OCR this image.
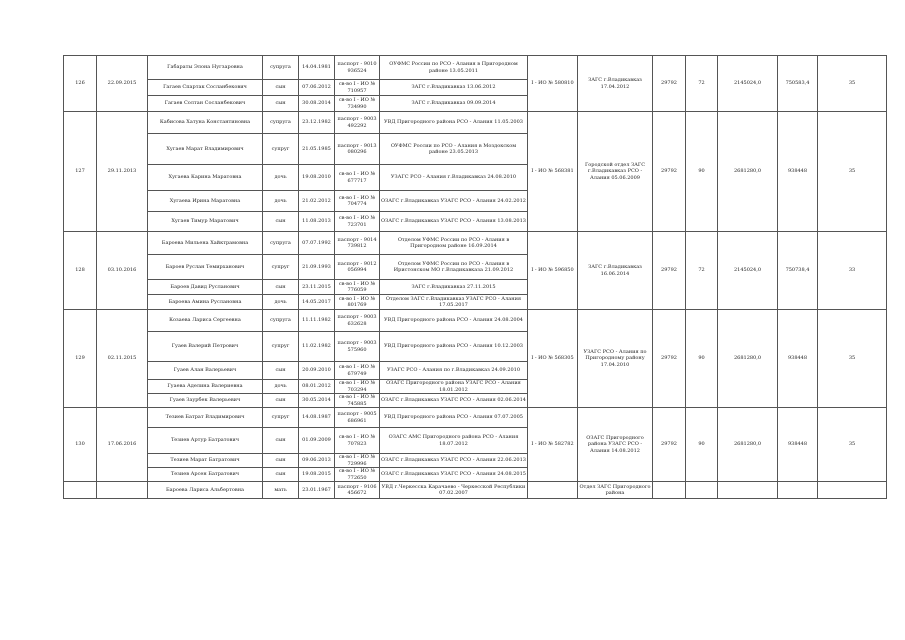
126	22.09.2015	Габараты Элона Нугзаровна	супруга	14.04.1981	паспорт - 9010 936524	ОУФМС России по РСО - Алания в Пригородном районе 13.05.2011	I - ИО № 580810	ЗАГС г.Владикавказ 17.04.2012	29792	72	2145024,0	750583,4	35
		Гагаев Спартак Сосланбекович	сын	07.06.2012	св-во I - ИО № 710957	ЗАГС г.Владикавказ 13.06.2012							
		Гагаев Солтан Сосланбекович	сын	30.08.2014	св-во I - ИО № 734990	ЗАГС г.Владикавказ 09.09.2014							
127	29.11.2013	Кабисова Хатуна Константиновна	супруга	23.12.1982	паспорт - 9003 492292	УВД Пригородного района РСО - Алания 11.05.2003	I - ИО № 568381	Городской отдел ЗАГС г.Владикавказ РСО - Алания 05.06.2009	29792	90	2681280,0	938448	35
		Хугаев Марат Владимирович	супруг	21.05.1985	паспорт - 9013 080296	ОУФМС России по РСО - Алания в Моздокском районе 23.05.2013							
		Хугаева Карина Маратовна	дочь	19.08.2010	св-во I - ИО № 677717	УЗАГС РСО - Алания г.Владикавказ 24.08.2010							
		Хугаева Ирина Маратовна	дочь	21.02.2012	св-во I - ИО № 704774	ОЗАГС г.Владикавказ УЗАГС РСО - Алания 24.02.2012							
		Хугаев Тимур Маратович	сын	11.08.2013	св-во I - ИО № 723701	ОЗАГС г.Владикавказ УЗАГС РСО - Алания 13.08.2013							
128	03.10.2016	Бароева Мильена Хайктрамовна	супруга	07.07.1992	паспорт - 9014 739812	Отделом УФМС России по РСО - Алания в Пригородном районе 16.09.2014	I - ИО № 596850	ЗАГС г.Владикавказ 16.06.2014	29792	72	2145024,0	750738,4	33
		Бароев Руслан Темирханович	супруг	21.09.1993	паспорт - 9012 056994	Отделом УФМС России по РСО - Алания в Иристонском МО г.Владикавказа 21.09.2012							
		Бароев Давид Русланович	сын	23.11.2015	св-во I - ИО № 776059	ЗАГС г.Владикавказ 27.11.2015							
		Бароева Амина Руслановна	дочь	14.05.2017	св-во I - ИО № 801769	Отделом ЗАГС г.Владикавказ УЗАГС РСО - Алания 17.05.2017							
129	02.11.2015	Козаева Лариса Сергеевна	супруга	11.11.1982	паспорт - 9003 632628	УВД Пригородного района РСО - Алания 24.08.2004	I - ИО № 568305	УЗАГС РСО - Алания по Пригородному району 17.04.2010	29792	90	2681280,0	938448	35
		Гуаев Валерий Петрович	супруг	11.02.1982	паспорт - 9003 575960	УВД Пригородного района РСО - Алания 10.12.2003							
		Гуаев Алан Валерьевич	сын	20.09.2010	св-во I - ИО № 679749	УЗАГС РСО - Алания по г.Владикавказ 24.09.2010							
		Гуаева Аделина Валериевна	дочь	08.01.2012	св-во I - ИО № 703294	ОЗАГС Пригородного района УЗАГС РСО - Алания 18.01.2012							
		Гуаев Заурбек Валерьевич	сын	30.05.2014	св-во I - ИО № 745885	ОЗАГС г.Владикавказ УЗАГС РСО - Алания 02.06.2014							
130	17.06.2016	Тезиев Батрат Владимирович	супруг	14.08.1987	паспорт - 9005 686961	УВД Пригородного района РСО - Алания 07.07.2005	I - ИО № 582782	ОЗАГС Пригородного района УЗАГС РСО - Алания 14.08.2012	29792	90	2681280,0	938448	35
		Тезиев Артур Батратович	сын	01.09.2009	св-во I - ИО № 707823	ОЗАГС АМС Пригородного района РСО - Алания 18.07.2012							
		Тезиев Марат Батратович	сын	09.06.2013	св-во I - ИО № 729996	ОЗАГС г.Владикавказ УЗАГС РСО - Алания 22.06.2013							
		Тезиев Арсен Батратович	сын	19.08.2015	св-во I - ИО № 772650	ОЗАГС г.Владикавказ УЗАГС РСО - Алания 24.08.2015							
		Бароева Лариса Альбертовна	мать	23.01.1967	паспорт - 9106 456672	УВД г.Черкесска Карачаево - Черкесской Республики 07.02.2007		Отдел ЗАГС Пригородного района					
